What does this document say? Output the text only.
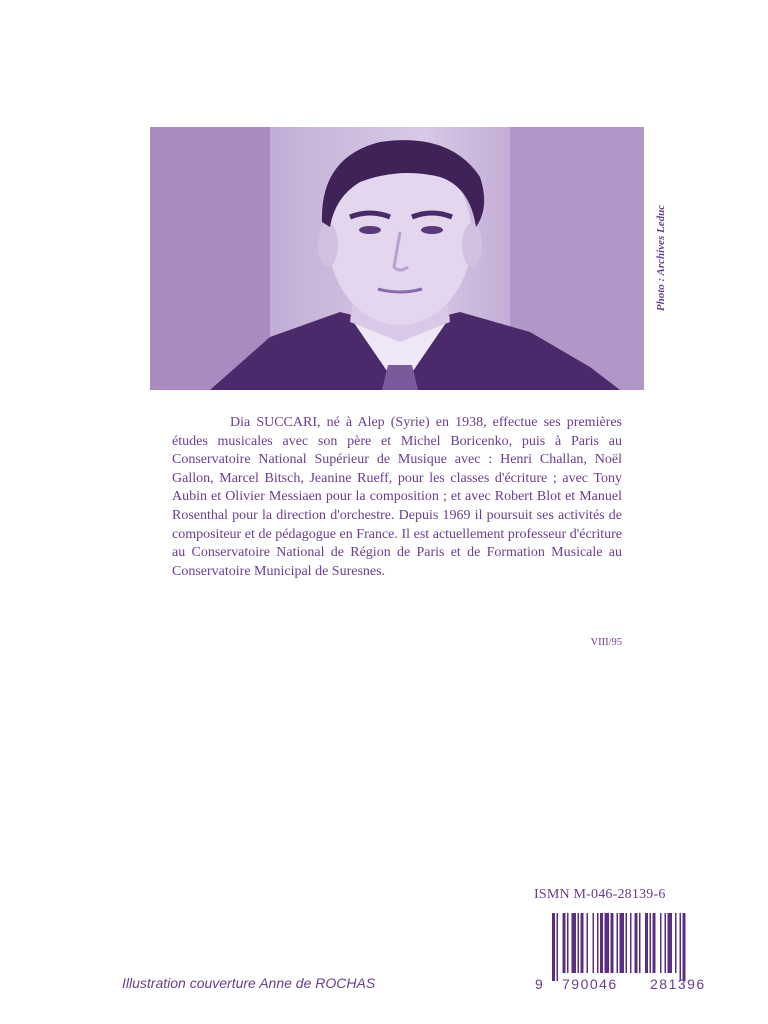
Photo : Archives Leduc

Dia SUCCARI, né à Alep (Syrie) en 1938, effectue ses premières études musicales avec son père et Michel Boricenko, puis à Paris au Conservatoire National Supérieur de Musique avec : Henri Challan, Noël Gallon, Marcel Bitsch, Jeanine Rueff, pour les classes d'écriture ; avec Tony Aubin et Olivier Messiaen pour la composition ; et avec Robert Blot et Manuel Rosenthal pour la direction d'orchestre. Depuis 1969 il poursuit ses activités de compositeur et de pédagogue en France. Il est actuellement professeur d'écriture au Conservatoire National de Région de Paris et de Formation Musicale au Conservatoire Municipal de Suresnes.

VIII/95
ISMN M-046-28139-6
9 790046 281396
Illustration couverture Anne de ROCHAS
